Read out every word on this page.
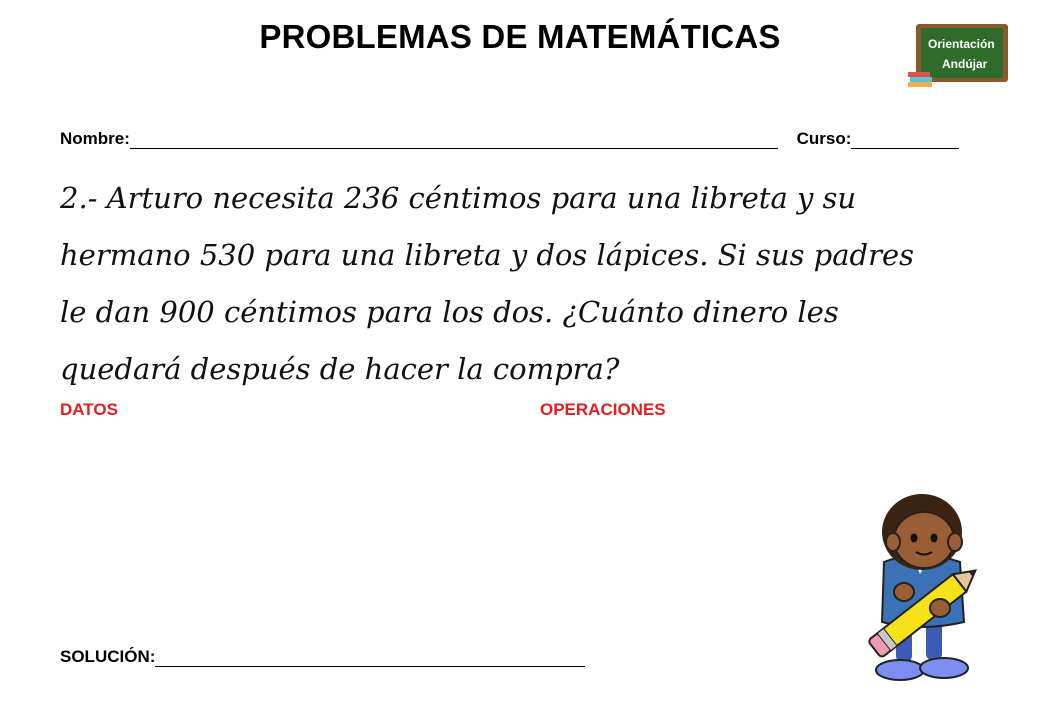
PROBLEMAS DE MATEMÁTICAS	Orientación
Andújar
Nombre:	Curso:
2.- Arturo necesita 236 céntimos para una libreta y su
hermano 530 para una libreta y dos lápices. Si sus padres
le dan 900 céntimos para los dos. ¿Cuánto dinero les
quedará después de hacer la compra?
DATOS	OPERACIONES
SOLUCIÓN:
